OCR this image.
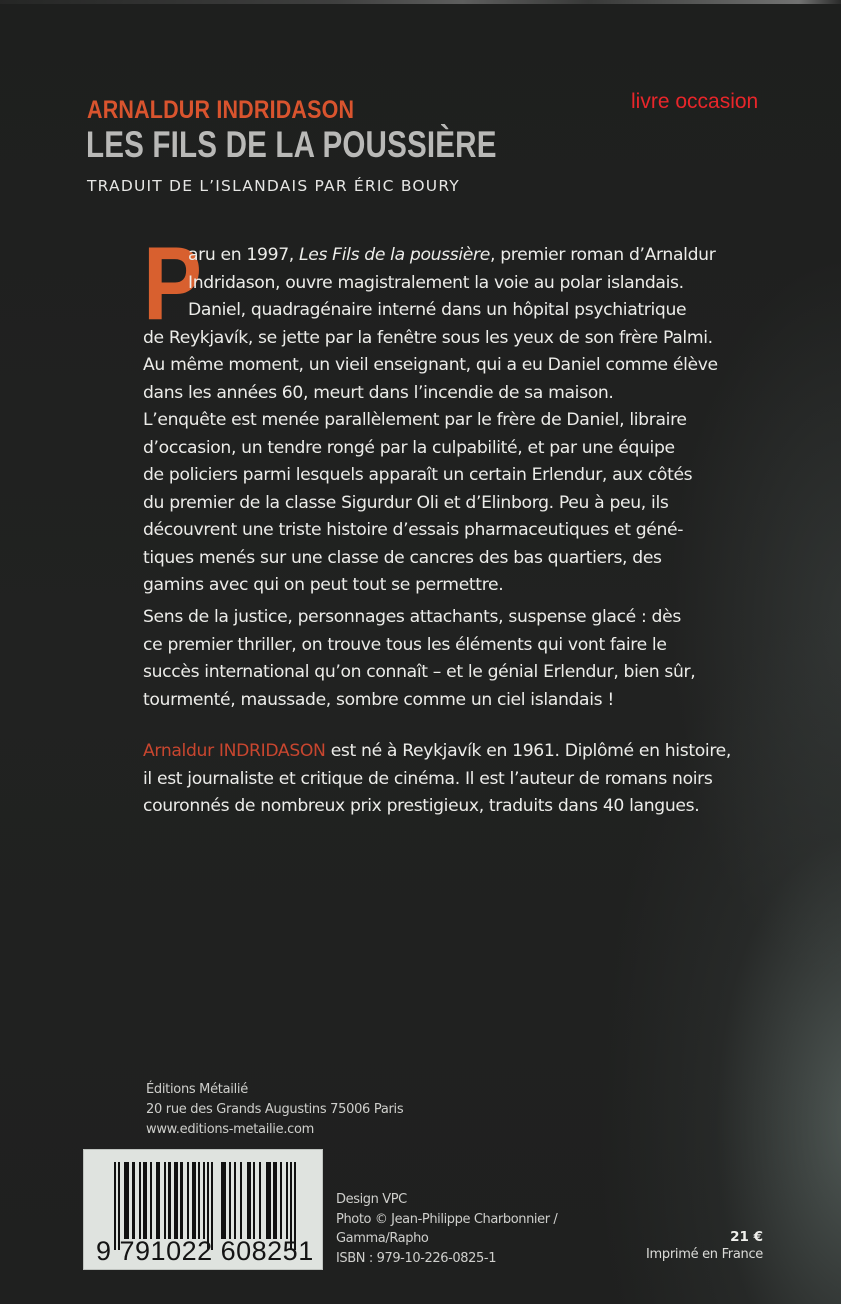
ARNALDUR INDRIDASON
LES FILS DE LA POUSSIÈRE
TRADUIT DE L’ISLANDAIS PAR ÉRIC BOURY
livre occasion
P
aru en 1997, Les Fils de la poussière, premier roman d’Arnaldur
Indridason, ouvre magistralement la voie au polar islandais.
Daniel, quadragénaire interné dans un hôpital psychiatrique
de Reykjavík, se jette par la fenêtre sous les yeux de son frère Palmi.
Au même moment, un vieil enseignant, qui a eu Daniel comme élève
dans les années 60, meurt dans l’incendie de sa maison.
L’enquête est menée parallèlement par le frère de Daniel, libraire
d’occasion, un tendre rongé par la culpabilité, et par une équipe
de policiers parmi lesquels apparaît un certain Erlendur, aux côtés
du premier de la classe Sigurdur Oli et d’Elinborg. Peu à peu, ils
découvrent une triste histoire d’essais pharmaceutiques et géné-
tiques menés sur une classe de cancres des bas quartiers, des
gamins avec qui on peut tout se permettre.
Sens de la justice, personnages attachants, suspense glacé : dès
ce premier thriller, on trouve tous les éléments qui vont faire le
succès international qu’on connaît – et le génial Erlendur, bien sûr,
tourmenté, maussade, sombre comme un ciel islandais !
Arnaldur INDRIDASON est né à Reykjavík en 1961. Diplômé en histoire,
il est journaliste et critique de cinéma. Il est l’auteur de romans noirs
couronnés de nombreux prix prestigieux, traduits dans 40 langues.
Éditions Métailié
20 rue des Grands Augustins 75006 Paris
www.editions-metailie.com
9 791022 608251
Design VPC
Photo © Jean-Philippe Charbonnier /
Gamma/Rapho
ISBN : 979-10-226-0825-1
21 €
Imprimé en France
